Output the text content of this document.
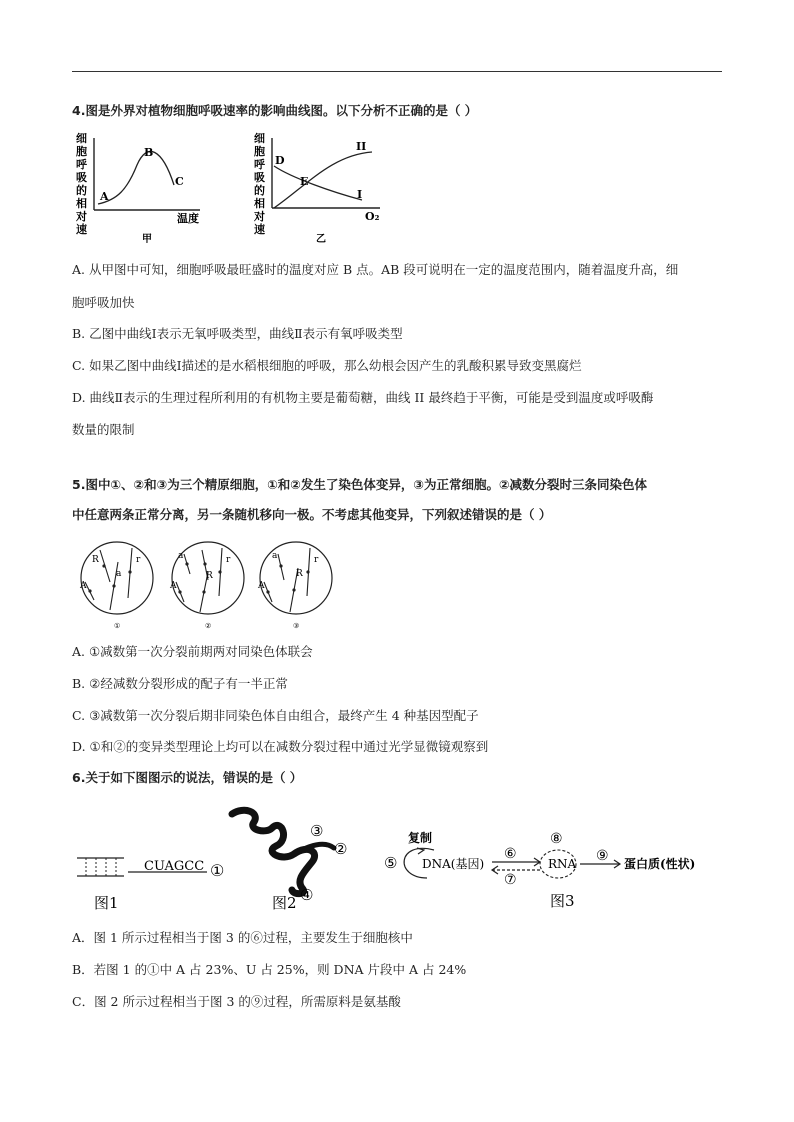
4.图是外界对植物细胞呼吸速率的影响曲线图。以下分析不正确的是（ ）
细
胞
呼
吸
的
相
对
速
A
B
C
温度
甲
细
胞
呼
吸
的
相
对
速
D
E
I
II
O₂
乙
A. 从甲图中可知，细胞呼吸最旺盛时的温度对应 B 点。AB 段可说明在一定的温度范围内，随着温度升高，细
胞呼吸加快
B. 乙图中曲线Ⅰ表示无氧呼吸类型，曲线Ⅱ表示有氧呼吸类型
C. 如果乙图中曲线Ⅰ描述的是水稻根细胞的呼吸，那么幼根会因产生的乳酸积累导致变黑腐烂
D. 曲线Ⅱ表示的生理过程所利用的有机物主要是葡萄糖，曲线 II 最终趋于平衡，可能是受到温度或呼吸酶
数量的限制
5.图中①、②和③为三个精原细胞，①和②发生了染色体变异，③为正常细胞。②减数分裂时三条同染色体
中任意两条正常分离，另一条随机移向一极。不考虑其他变异，下列叙述错误的是（ ）
R	r
a
A
①
a	r
R
A
②
a	r
R
A
③
A. ①减数第一次分裂前期两对同染色体联会
B. ②经减数分裂形成的配子有一半正常
C. ③减数第一次分裂后期非同染色体自由组合，最终产生 4 种基因型配子
D. ①和②的变异类型理论上均可以在减数分裂过程中通过光学显微镜观察到
6.关于如下图图示的说法，错误的是（ ）
CUAGCC ①
图1
③
②
④
图2
⑤
复制
DNA(基因)
⑥
⑦
⑧
RNA ⑨ 蛋白质(性状)
图3
A．图 1 所示过程相当于图 3 的⑥过程，主要发生于细胞核中
B．若图 1 的①中 A 占 23%、U 占 25%，则 DNA 片段中 A 占 24%
C．图 2 所示过程相当于图 3 的⑨过程，所需原料是氨基酸
